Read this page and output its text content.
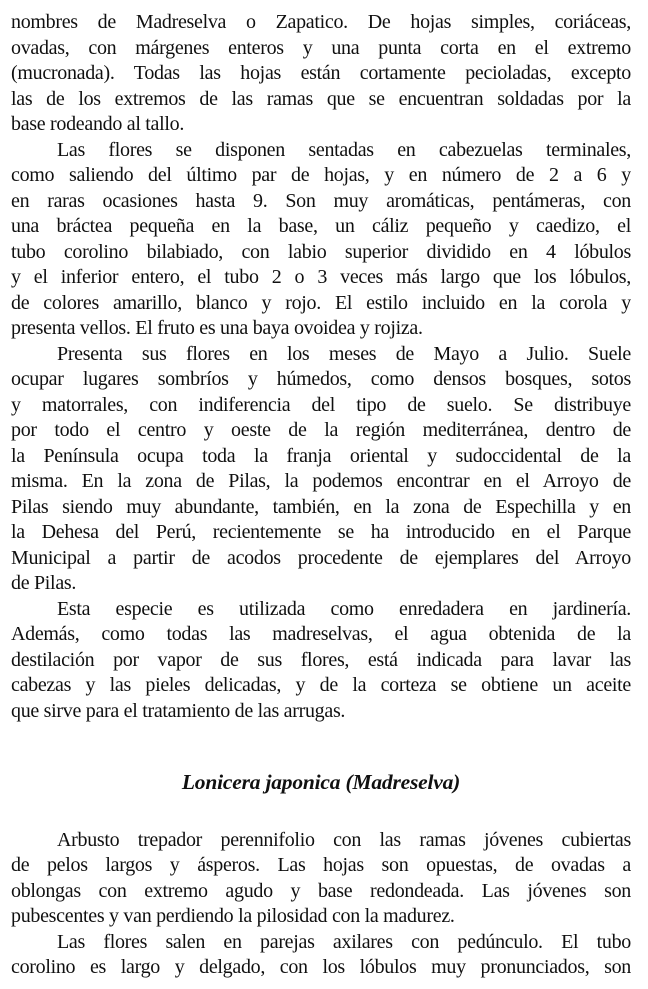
nombres de Madreselva o Zapatico. De hojas simples, coriáceas,
ovadas, con márgenes enteros y una punta corta en el extremo
(mucronada). Todas las hojas están cortamente pecioladas, excepto
las de los extremos de las ramas que se encuentran soldadas por la
base rodeando al tallo.
Las flores se disponen sentadas en cabezuelas terminales,
como saliendo del último par de hojas, y en número de 2 a 6 y
en raras ocasiones hasta 9. Son muy aromáticas, pentámeras, con
una bráctea pequeña en la base, un cáliz pequeño y caedizo, el
tubo corolino bilabiado, con labio superior dividido en 4 lóbulos
y el inferior entero, el tubo 2 o 3 veces más largo que los lóbulos,
de colores amarillo, blanco y rojo. El estilo incluido en la corola y
presenta vellos. El fruto es una baya ovoidea y rojiza.
Presenta sus flores en los meses de Mayo a Julio. Suele
ocupar lugares sombríos y húmedos, como densos bosques, sotos
y matorrales, con indiferencia del tipo de suelo. Se distribuye
por todo el centro y oeste de la región mediterránea, dentro de
la Península ocupa toda la franja oriental y sudoccidental de la
misma. En la zona de Pilas, la podemos encontrar en el Arroyo de
Pilas siendo muy abundante, también, en la zona de Espechilla y en
la Dehesa del Perú, recientemente se ha introducido en el Parque
Municipal a partir de acodos procedente de ejemplares del Arroyo
de Pilas.
Esta especie es utilizada como enredadera en jardinería.
Además, como todas las madreselvas, el agua obtenida de la
destilación por vapor de sus flores, está indicada para lavar las
cabezas y las pieles delicadas, y de la corteza se obtiene un aceite
que sirve para el tratamiento de las arrugas.
Lonicera japonica (Madreselva)
Arbusto trepador perennifolio con las ramas jóvenes cubiertas
de pelos largos y ásperos. Las hojas son opuestas, de ovadas a
oblongas con extremo agudo y base redondeada. Las jóvenes son
pubescentes y van perdiendo la pilosidad con la madurez.
Las flores salen en parejas axilares con pedúnculo. El tubo
corolino es largo y delgado, con los lóbulos muy pronunciados, son
